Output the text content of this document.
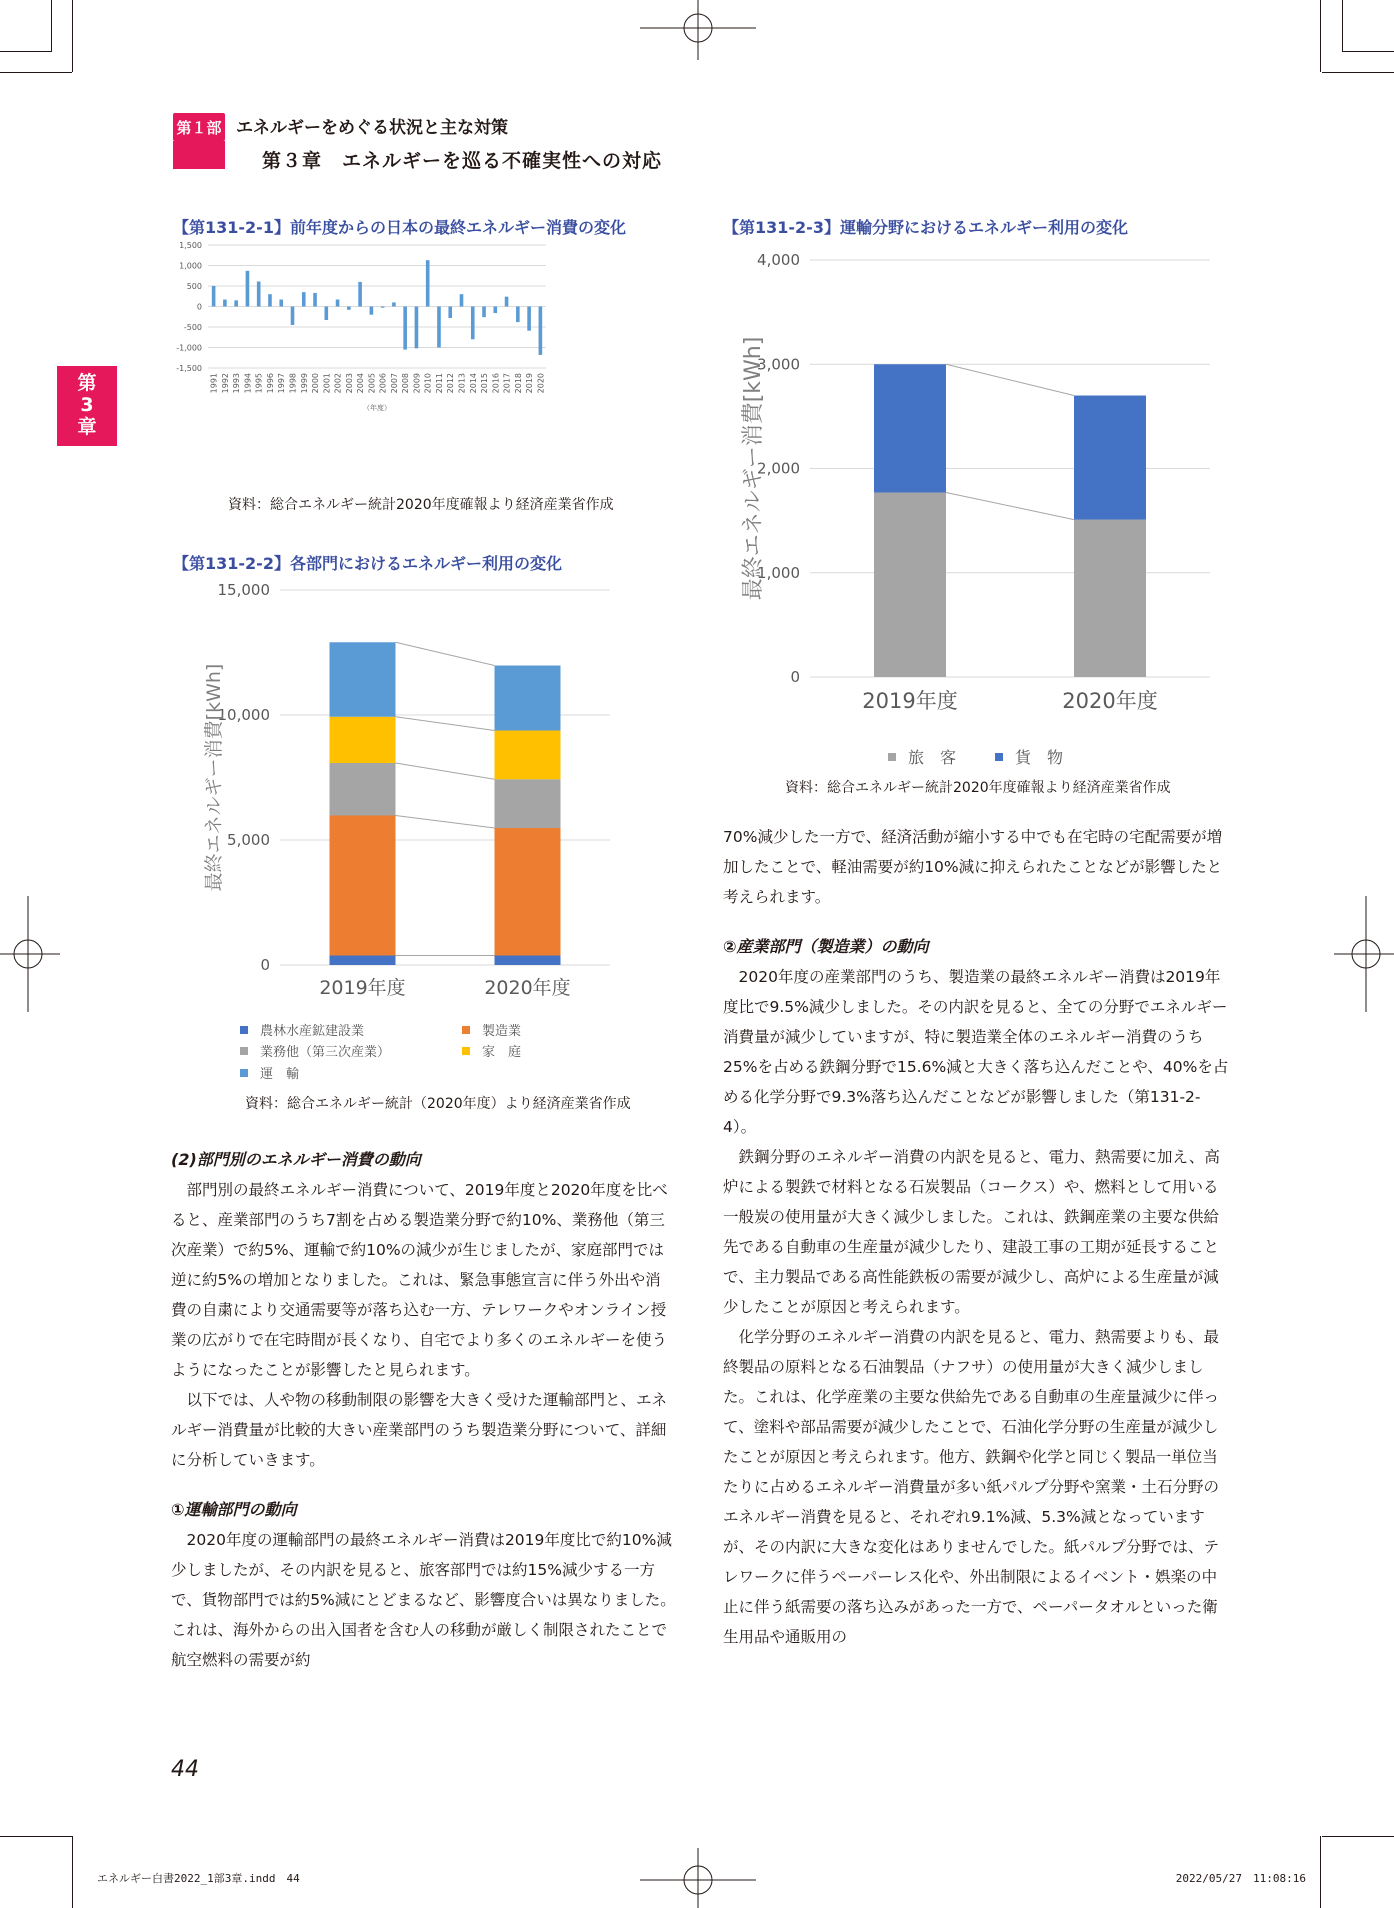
第１部 エネルギーをめぐる状況と主な対策
第３章　エネルギーを巡る不確実性への対応
第
3
章
【第131-2-1】前年度からの日本の最終エネルギー消費の変化
-1,500
-1,000
-500
0
500
1,000
1,500
1991 1992 1993 1994 1995 1996 1997 1998 1999 2000 2001 2002 2003 2004 2005 2006 2007 2008 2009 2010 2011 2012 2013 2014 2015 2016 2017 2018 2019 2020
（年度）
資料：総合エネルギー統計2020年度確報より経済産業省作成
【第131-2-2】各部門におけるエネルギー利用の変化
0
5,000
10,000
15,000
2019年度	2020年度
最終エネルギー消費[kWh]
農林水産鉱建設業	製造業
業務他（第三次産業）	家　庭
運　輸
資料：総合エネルギー統計（2020年度）より経済産業省作成
【第131-2-3】運輸分野におけるエネルギー利用の変化
0
1,000
2,000
3,000
4,000
2019年度	2020年度
最終エネルギー消費[kWh]
旅　客	貨　物
資料：総合エネルギー統計2020年度確報より経済産業省作成
(2)部門別のエネルギー消費の動向

部門別の最終エネルギー消費について、2019年度と2020年度を比べると、産業部門のうち7割を占める製造業分野で約10%、業務他（第三次産業）で約5%、運輸で約10%の減少が生じましたが、家庭部門では逆に約5%の増加となりました。これは、緊急事態宣言に伴う外出や消費の自粛により交通需要等が落ち込む一方、テレワークやオンライン授業の広がりで在宅時間が長くなり、自宅でより多くのエネルギーを使うようになったことが影響したと見られます。

以下では、人や物の移動制限の影響を大きく受けた運輸部門と、エネルギー消費量が比較的大きい産業部門のうち製造業分野について、詳細に分析していきます。

①運輸部門の動向

2020年度の運輸部門の最終エネルギー消費は2019年度比で約10%減少しましたが、その内訳を見ると、旅客部門では約15%減少する一方で、貨物部門では約5%減にとどまるなど、影響度合いは異なりました。これは、海外からの出入国者を含む人の移動が厳しく制限されたことで航空燃料の需要が約

70%減少した一方で、経済活動が縮小する中でも在宅時の宅配需要が増加したことで、軽油需要が約10%減に抑えられたことなどが影響したと考えられます。

②産業部門（製造業）の動向

2020年度の産業部門のうち、製造業の最終エネルギー消費は2019年度比で9.5%減少しました。その内訳を見ると、全ての分野でエネルギー消費量が減少していますが、特に製造業全体のエネルギー消費のうち25%を占める鉄鋼分野で15.6%減と大きく落ち込んだことや、40%を占める化学分野で9.3%落ち込んだことなどが影響しました（第131-2-4）。

鉄鋼分野のエネルギー消費の内訳を見ると、電力、熱需要に加え、高炉による製鉄で材料となる石炭製品（コークス）や、燃料として用いる一般炭の使用量が大きく減少しました。これは、鉄鋼産業の主要な供給先である自動車の生産量が減少したり、建設工事の工期が延長することで、主力製品である高性能鉄板の需要が減少し、高炉による生産量が減少したことが原因と考えられます。

化学分野のエネルギー消費の内訳を見ると、電力、熱需要よりも、最終製品の原料となる石油製品（ナフサ）の使用量が大きく減少しました。これは、化学産業の主要な供給先である自動車の生産量減少に伴って、塗料や部品需要が減少したことで、石油化学分野の生産量が減少したことが原因と考えられます。他方、鉄鋼や化学と同じく製品一単位当たりに占めるエネルギー消費量が多い紙パルプ分野や窯業・土石分野のエネルギー消費を見ると、それぞれ9.1%減、5.3%減となっていますが、その内訳に大きな変化はありませんでした。紙パルプ分野では、テレワークに伴うペーパーレス化や、外出制限によるイベント・娯楽の中止に伴う紙需要の落ち込みがあった一方で、ペーパータオルといった衛生用品や通販用の

44
エネルギー白書2022_1部3章.indd　44	2022/05/27　11:08:16
